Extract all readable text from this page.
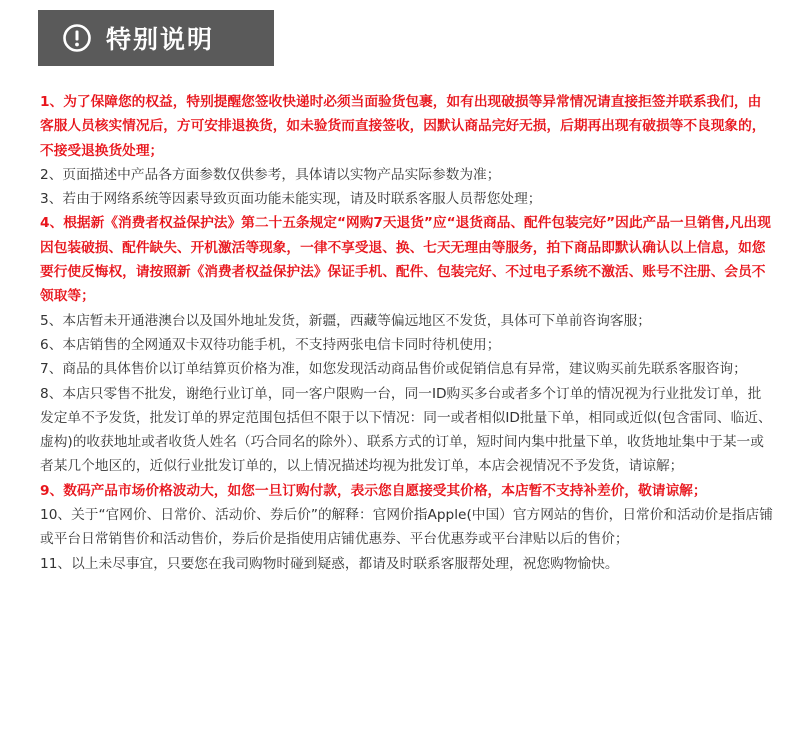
特别说明

1、为了保障您的权益，特别提醒您签收快递时必须当面验货包裹，如有出现破损等异常情况请直接拒签并联系我们，由客服人员核实情况后，方可安排退换货，如未验货而直接签收，因默认商品完好无损，后期再出现有破损等不良现象的，不接受退换货处理；

2、页面描述中产品各方面参数仅供参考，具体请以实物产品实际参数为准；

3、若由于网络系统等因素导致页面功能未能实现，请及时联系客服人员帮您处理；

4、根据新《消费者权益保护法》第二十五条规定“网购7天退货”应“退货商品、配件包装完好”因此产品一旦销售,凡出现因包装破损、配件缺失、开机激活等现象，一律不享受退、换、七天无理由等服务，拍下商品即默认确认以上信息，如您要行使反悔权，请按照新《消费者权益保护法》保证手机、配件、包装完好、不过电子系统不激活、账号不注册、会员不领取等；

5、本店暂未开通港澳台以及国外地址发货，新疆，西藏等偏远地区不发货，具体可下单前咨询客服；

6、本店销售的全网通双卡双待功能手机，不支持两张电信卡同时待机使用；

7、商品的具体售价以订单结算页价格为准，如您发现活动商品售价或促销信息有异常，建议购买前先联系客服咨询；

8、本店只零售不批发，谢绝行业订单，同一客户限购一台，同一ID购买多台或者多个订单的情况视为行业批发订单，批发定单不予发货，批发订单的界定范围包括但不限于以下情况：同一或者相似ID批量下单，相同或近似(包含雷同、临近、虚构)的收获地址或者收货人姓名（巧合同名的除外）、联系方式的订单，短时间内集中批量下单，收货地址集中于某一或者某几个地区的，近似行业批发订单的，以上情况描述均视为批发订单，本店会视情况不予发货，请谅解；

9、数码产品市场价格波动大，如您一旦订购付款，表示您自愿接受其价格，本店暂不支持补差价，敬请谅解；

10、关于“官网价、日常价、活动价、券后价”的解释：官网价指Apple(中国）官方网站的售价，日常价和活动价是指店铺或平台日常销售价和活动售价，券后价是指使用店铺优惠券、平台优惠券或平台津贴以后的售价；

11、以上未尽事宜，只要您在我司购物时碰到疑惑，都请及时联系客服帮处理，祝您购物愉快。
